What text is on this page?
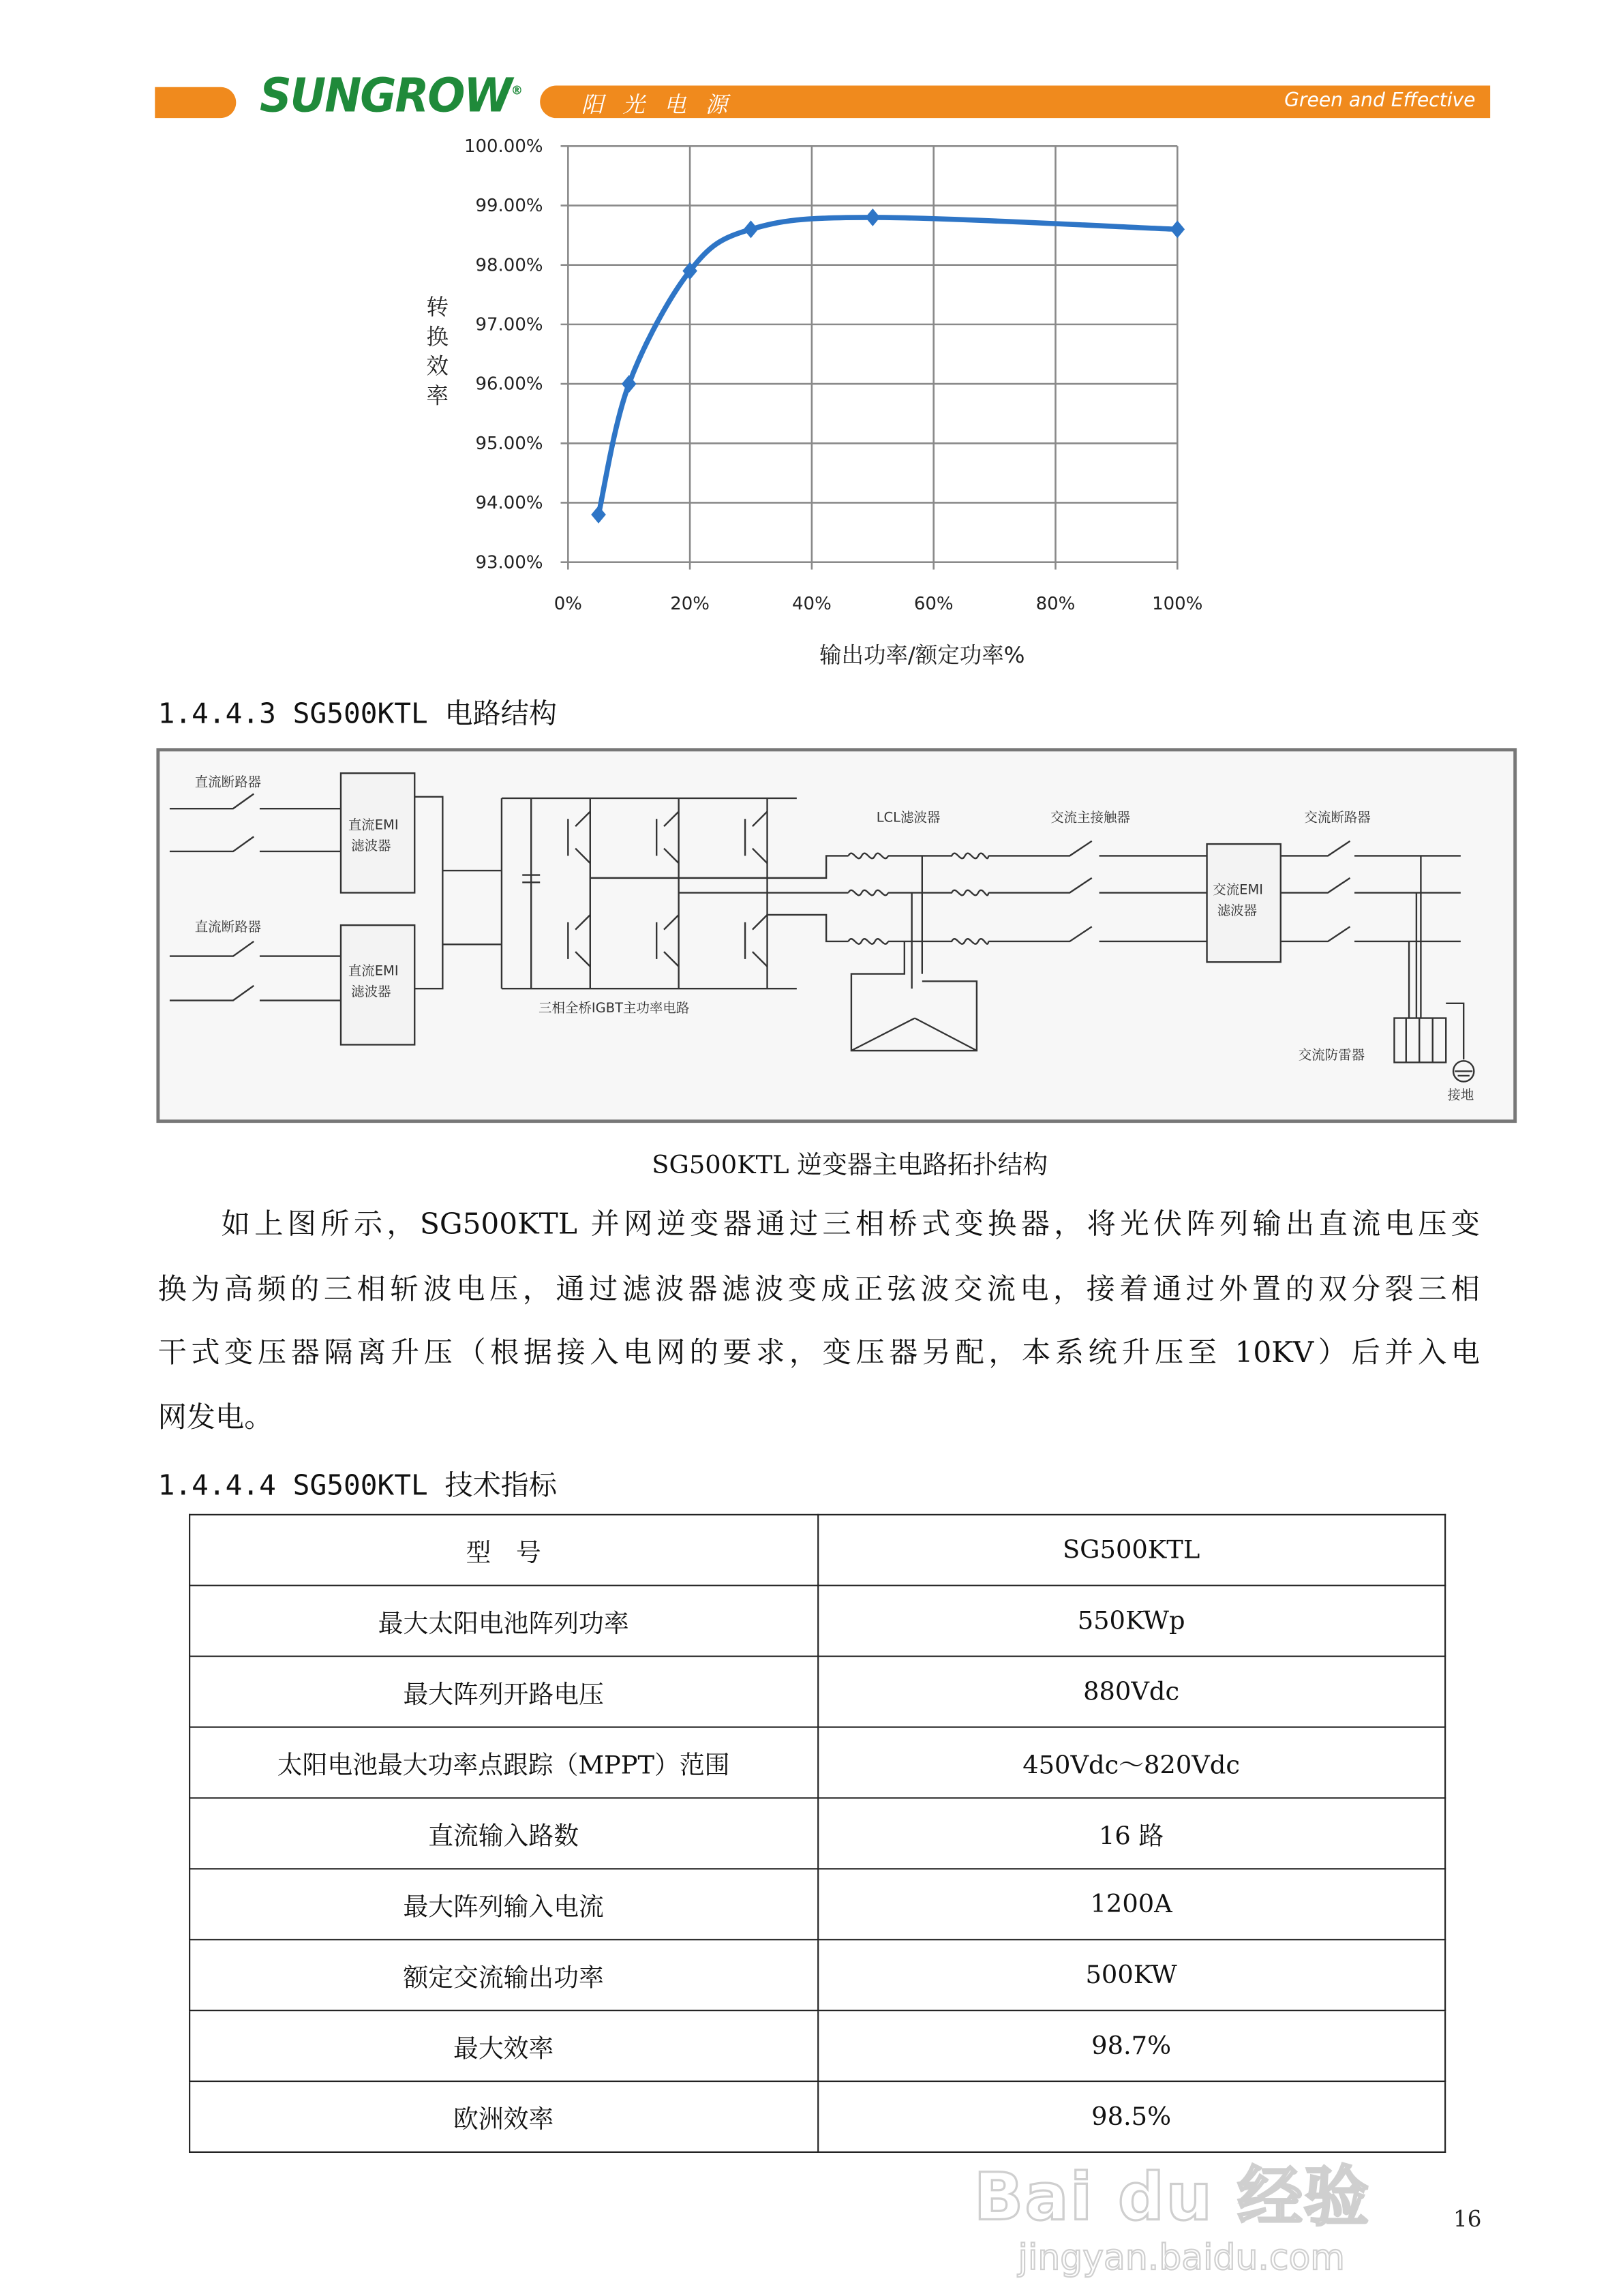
SUNGROW®
阳光电源	Green and Effective
93.00%
94.00%
95.00%
96.00%
97.00%
98.00%
99.00%
100.00%
0%	20%	40%	60%	80%	100%
输出功率/额定功率%
转换效率
1.4.4.3 SG500KTL 电路结构
直流断路器
直流断路器
直流EMI
滤波器
直流EMI
滤波器
三相全桥IGBT主功率电路
LCL滤波器	交流主接触器
交流EMI
滤波器
交流断路器
交流防雷器
接地
SG500KTL 逆变器主电路拓扑结构
如上图所示，SG500KTL 并网逆变器通过三相桥式变换器，将光伏阵列输出直流电压变
换为高频的三相斩波电压，通过滤波器滤波变成正弦波交流电，接着通过外置的双分裂三相
干式变压器隔离升压（根据接入电网的要求，变压器另配，本系统升压至 10KV）后并入电
网发电。
1.4.4.4 SG500KTL 技术指标
型　号	SG500KTL
最大太阳电池阵列功率	550KWp
最大阵列开路电压	880Vdc
太阳电池最大功率点跟踪（MPPT）范围	450Vdc～820Vdc
直流输入路数	16 路
最大阵列输入电流	1200A
额定交流输出功率	500KW
最大效率	98.7%
欧洲效率	98.5%
Bai du 经验
jingyan.baidu.com
16
